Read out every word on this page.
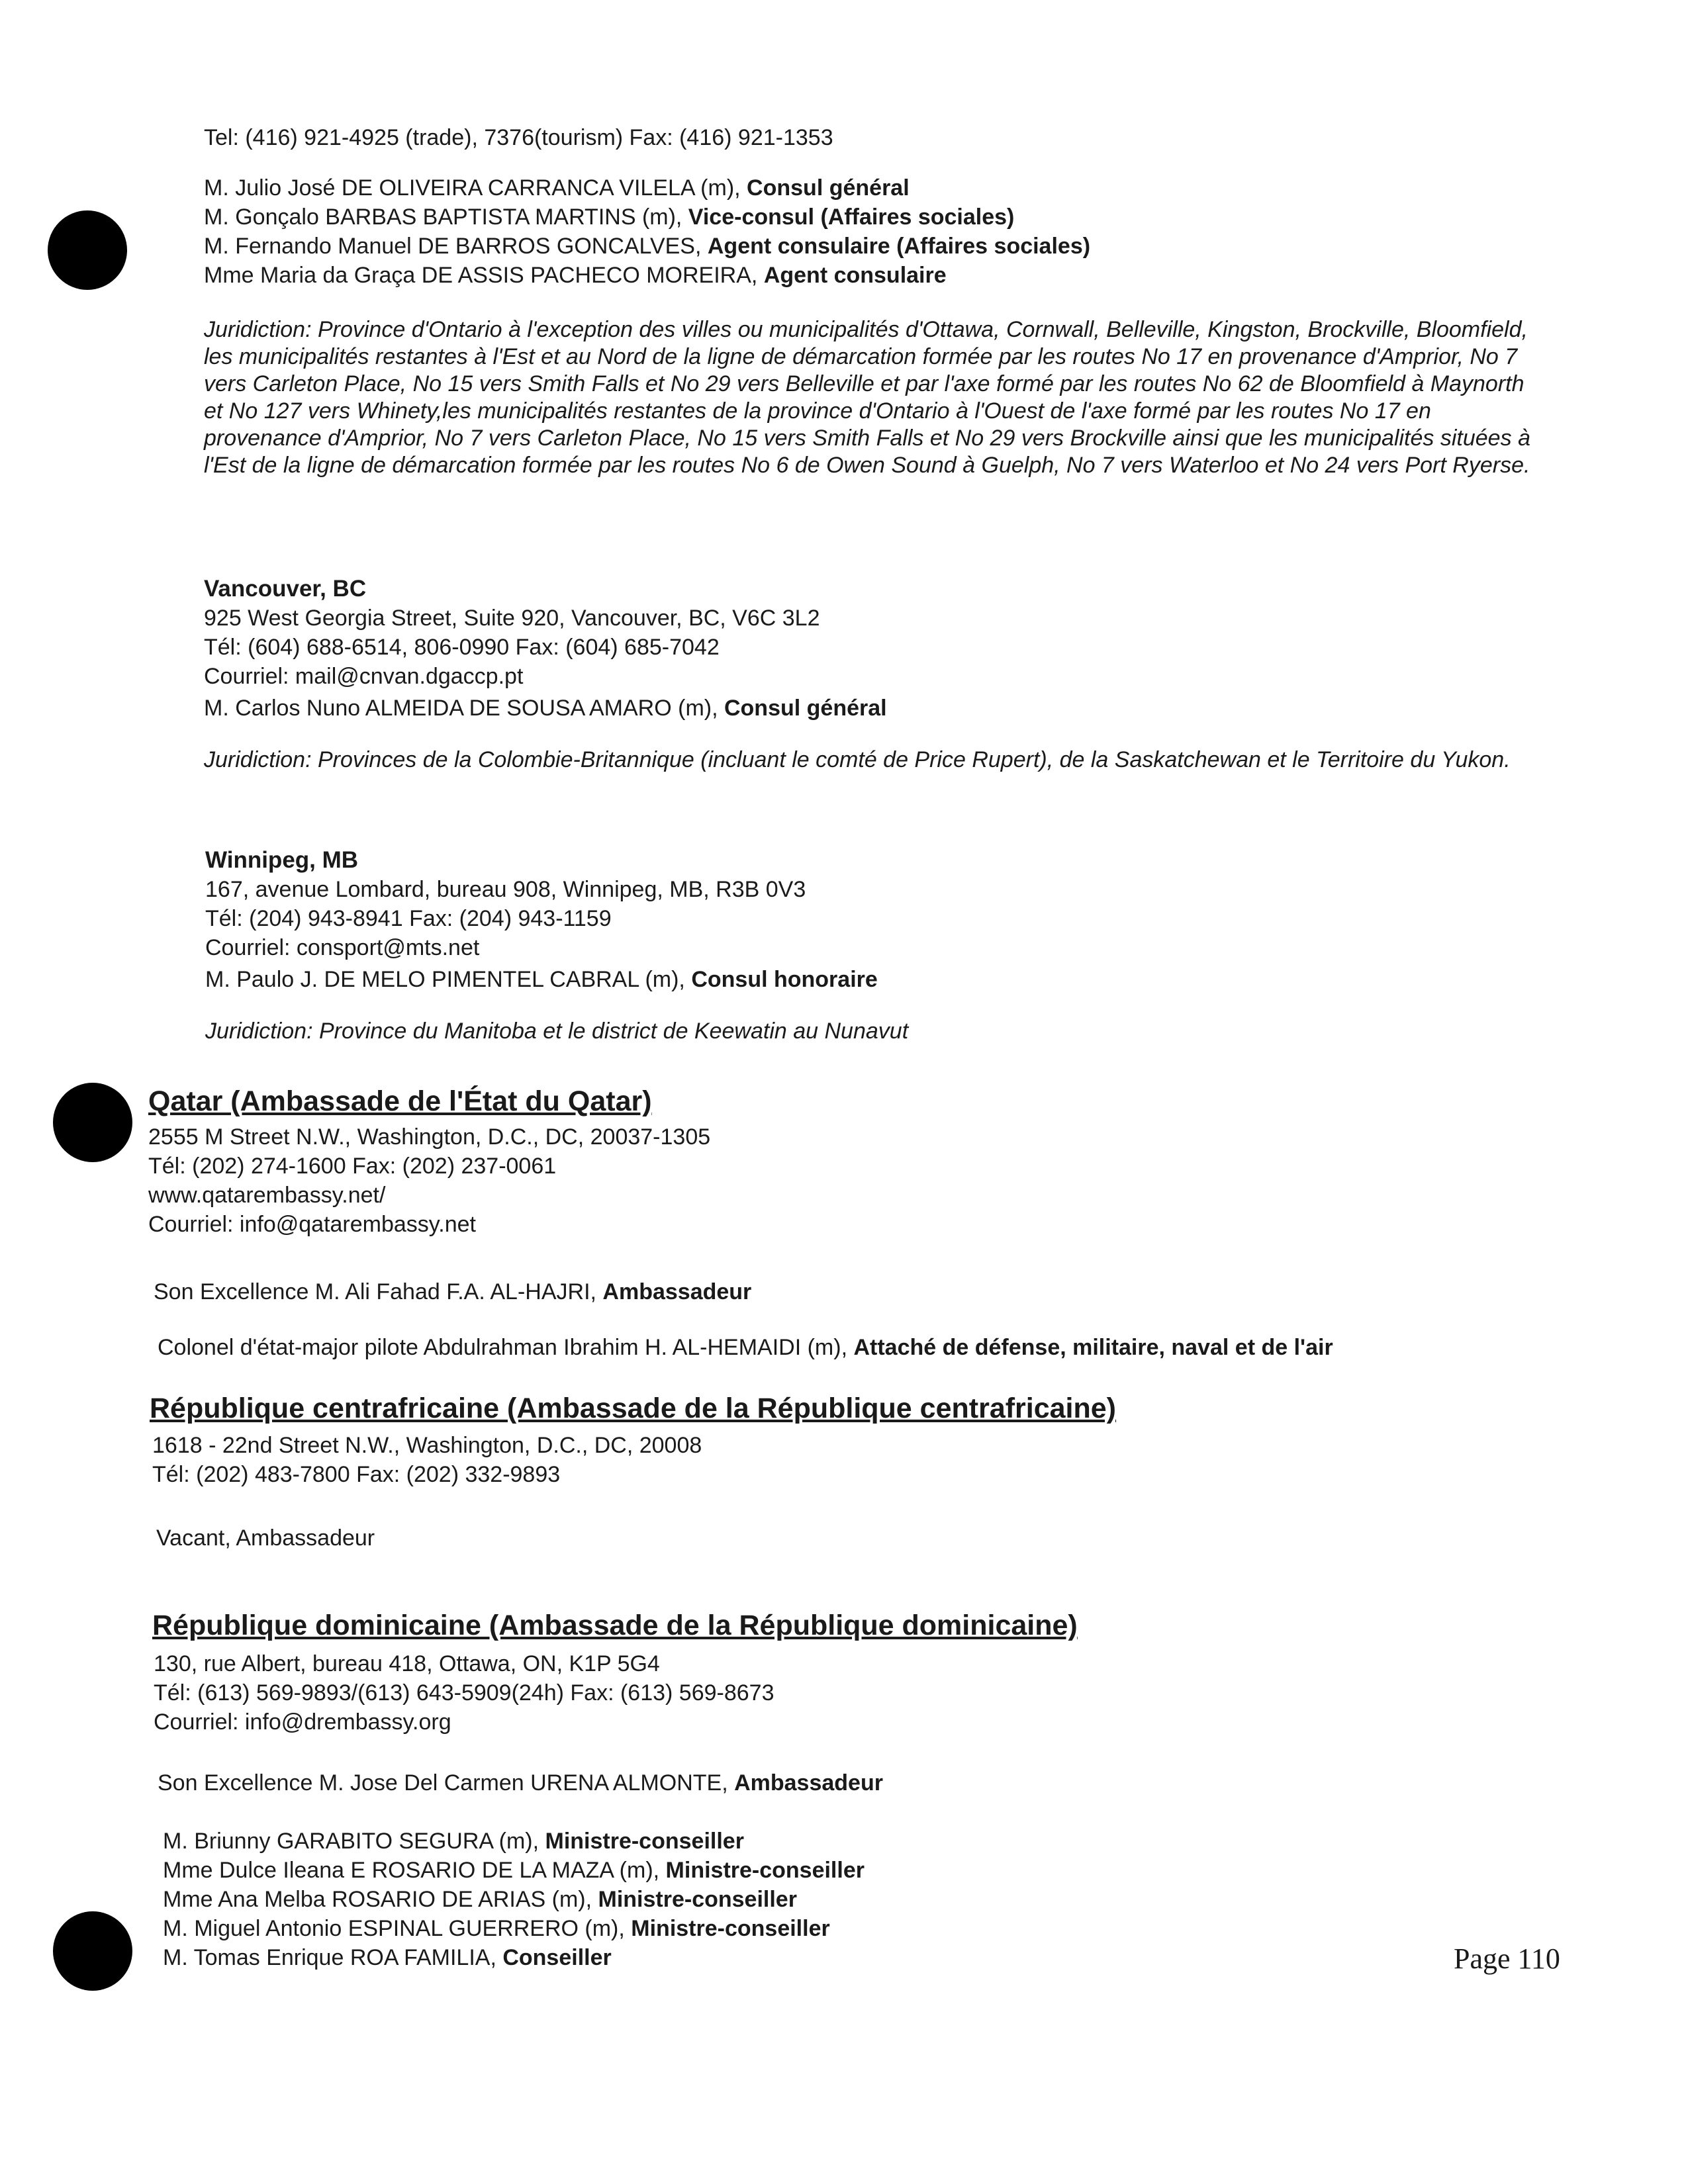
Tel: (416) 921-4925 (trade), 7376(tourism) Fax: (416) 921-1353

M. Julio José DE OLIVEIRA CARRANCA VILELA (m), Consul général

M. Gonçalo BARBAS BAPTISTA MARTINS (m), Vice-consul (Affaires sociales)

M. Fernando Manuel DE BARROS GONCALVES, Agent consulaire (Affaires sociales)

Mme Maria da Graça DE ASSIS PACHECO MOREIRA, Agent consulaire

Juridiction: Province d'Ontario à l'exception des villes ou municipalités d'Ottawa, Cornwall, Belleville, Kingston, Brockville, Bloomfield, les municipalités restantes à l'Est et au Nord de la ligne de démarcation formée par les routes No 17 en provenance d'Amprior, No 7 vers Carleton Place, No 15 vers Smith Falls et No 29 vers Belleville et par l'axe formé par les routes No 62 de Bloomfield à Maynorth et No 127 vers Whinety,les municipalités restantes de la province d'Ontario à l'Ouest de l'axe formé par les routes No 17 en provenance d'Amprior, No 7 vers Carleton Place, No 15 vers Smith Falls et No 29 vers Brockville ainsi que les municipalités situées à l'Est de la ligne de démarcation formée par les routes No 6 de Owen Sound à Guelph, No 7 vers Waterloo et No 24 vers Port Ryerse.

Vancouver, BC

925 West Georgia Street, Suite 920, Vancouver, BC, V6C 3L2

Tél: (604) 688-6514, 806-0990 Fax: (604) 685-7042

Courriel: mail@cnvan.dgaccp.pt

M. Carlos Nuno ALMEIDA DE SOUSA AMARO (m), Consul général

Juridiction: Provinces de la Colombie-Britannique (incluant le comté de Price Rupert), de la Saskatchewan et le Territoire du Yukon.

Winnipeg, MB

167, avenue Lombard, bureau 908, Winnipeg, MB, R3B 0V3

Tél: (204) 943-8941 Fax: (204) 943-1159

Courriel: consport@mts.net

M. Paulo J. DE MELO PIMENTEL CABRAL (m), Consul honoraire

Juridiction: Province du Manitoba et le district de Keewatin au Nunavut

Qatar (Ambassade de l'État du Qatar)

2555 M Street N.W., Washington, D.C., DC, 20037-1305

Tél: (202) 274-1600 Fax: (202) 237-0061

www.qatarembassy.net/

Courriel: info@qatarembassy.net

Son Excellence M. Ali Fahad F.A. AL-HAJRI, Ambassadeur

Colonel d'état-major pilote Abdulrahman Ibrahim H. AL-HEMAIDI (m), Attaché de défense, militaire, naval et de l'air

République centrafricaine (Ambassade de la République centrafricaine)

1618 - 22nd Street N.W., Washington, D.C., DC, 20008

Tél: (202) 483-7800 Fax: (202) 332-9893

Vacant, Ambassadeur

République dominicaine (Ambassade de la République dominicaine)

130, rue Albert, bureau 418, Ottawa, ON, K1P 5G4

Tél: (613) 569-9893/(613) 643-5909(24h) Fax: (613) 569-8673

Courriel: info@drembassy.org

Son Excellence M. Jose Del Carmen URENA ALMONTE, Ambassadeur

M. Briunny GARABITO SEGURA (m), Ministre-conseiller

Mme Dulce Ileana E ROSARIO DE LA MAZA (m), Ministre-conseiller

Mme Ana Melba ROSARIO DE ARIAS (m), Ministre-conseiller

M. Miguel Antonio ESPINAL GUERRERO (m), Ministre-conseiller

M. Tomas Enrique ROA FAMILIA, Conseiller	Page 110
